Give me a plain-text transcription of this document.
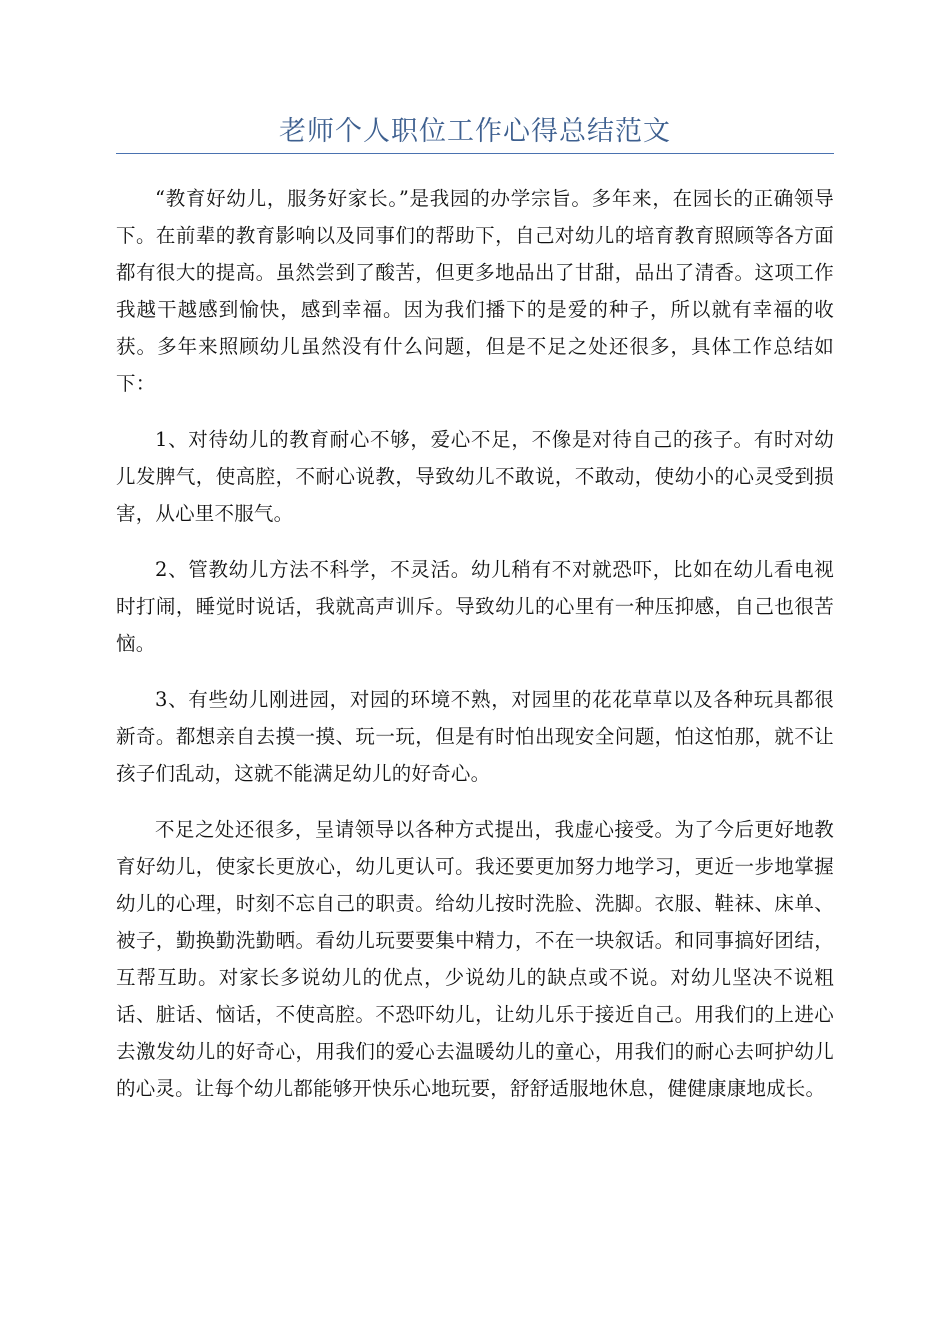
老师个人职位工作心得总结范文

“教育好幼儿，服务好家长。”是我园的办学宗旨。多年来，在园长的正确领导下。在前辈的教育影响以及同事们的帮助下，自己对幼儿的培育教育照顾等各方面都有很大的提高。虽然尝到了酸苦，但更多地品出了甘甜，品出了清香。这项工作我越干越感到愉快，感到幸福。因为我们播下的是爱的种子，所以就有幸福的收获。多年来照顾幼儿虽然没有什么问题，但是不足之处还很多，具体工作总结如下：

1、对待幼儿的教育耐心不够，爱心不足，不像是对待自己的孩子。有时对幼儿发脾气，使高腔，不耐心说教，导致幼儿不敢说，不敢动，使幼小的心灵受到损害，从心里不服气。

2、管教幼儿方法不科学，不灵活。幼儿稍有不对就恐吓，比如在幼儿看电视时打闹，睡觉时说话，我就高声训斥。导致幼儿的心里有一种压抑感，自己也很苦恼。

3、有些幼儿刚进园，对园的环境不熟，对园里的花花草草以及各种玩具都很新奇。都想亲自去摸一摸、玩一玩，但是有时怕出现安全问题，怕这怕那，就不让孩子们乱动，这就不能满足幼儿的好奇心。

不足之处还很多，呈请领导以各种方式提出，我虚心接受。为了今后更好地教育好幼儿，使家长更放心，幼儿更认可。我还要更加努力地学习，更近一步地掌握幼儿的心理，时刻不忘自己的职责。给幼儿按时洗脸、洗脚。衣服、鞋袜、床单、被子，勤换勤洗勤晒。看幼儿玩要要集中精力，不在一块叙话。和同事搞好团结，互帮互助。对家长多说幼儿的优点，少说幼儿的缺点或不说。对幼儿坚决不说粗话、脏话、恼话，不使高腔。不恐吓幼儿，让幼儿乐于接近自己。用我们的上进心去激发幼儿的好奇心，用我们的爱心去温暖幼儿的童心，用我们的耐心去呵护幼儿的心灵。让每个幼儿都能够开快乐心地玩要，舒舒适服地休息，健健康康地成长。
